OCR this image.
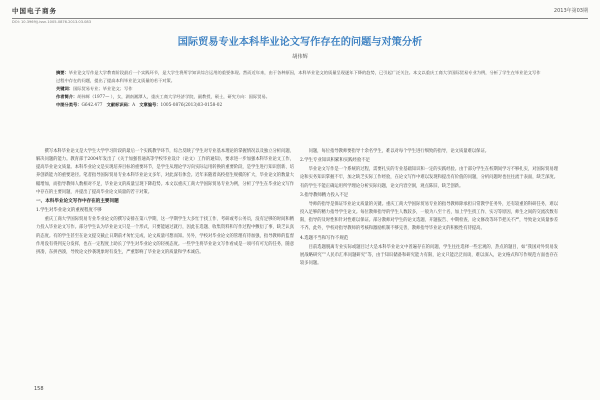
中国电子商务	2013年第03期
DOI: 10.3969/j.issn.1005-0876.2013.03.083
国际贸易专业本科毕业论文写作存在的问题与对策分析
胡伟辉

摘要：毕业论文写作是大学教育阶段最后一个实践环节，是大学生将所学知识综合运用的重要体现。然而近年来，由于各种原因，本科毕业论文的质量呈现逐年下降的趋势，已引起广泛关注。本文以重庆工商大学国际贸易专业为例，分析了学生在毕业论文写作过程中存在的问题，提出了提高本科毕业论文质量的若干对策。

关键词：国际贸易专业；毕业论文；写作

作者简介：胡伟辉（1977— ），女，湖南湘潭人，重庆工商大学经济学院，副教授，硕士，研究方向：国际贸易。

中图分类号：G642.477 文献标识码：A 文章编号：1005-0876(2013)03-0158-02

撰写本科毕业论文是大学生大学学习阶段的最后一个实践教学环节，综合反映了学生对专业基本理论的掌握情况以及独立分析问题、解决问题的能力。教育部于2004年发出了《关于加强普通高等学校毕业设计（论文）工作的通知》，要求进一步加强本科毕业论文工作，提高毕业论文质量。本科毕业论文是实现培养目标的重要环节，是学生从理论学习向实际运用转换的重要阶段，是学生进行知识创新、培养创新能力的重要途径。笔者指导国际贸易专业本科毕业论文多年，对此深有体会。近年来随着高校招生规模的扩大，毕业论文的数量大幅增加，而指导教师人数相对不足，毕业论文的质量呈现下降趋势。本文以重庆工商大学国际贸易专业为例，分析了学生在毕业论文写作中存在的主要问题，并提出了提高毕业论文质量的若干对策。

一、本科毕业论文写作中存在的主要问题
1.学生对毕业论文的重视程度不够

重庆工商大学国际贸易专业毕业论文的撰写安排在第八学期，这一学期学生大多忙于找工作、考研或考公务员，没有足够的时间和精力投入毕业论文写作。部分学生认为毕业论文只是一个形式，只要能通过就行，因此在选题、收集资料和写作过程中敷衍了事，缺乏认真的态度。有的学生甚至在论文提交截止日期前才匆忙完成，论文质量可想而知。另外，学校对毕业论文的管理有待加强，指导教师的监督作用没有得到充分发挥，也在一定程度上助长了学生对毕业论文的轻视态度。一些学生将毕业论文写作看成是一项可有可无的任务，随意拼凑，东拼西凑，导致论文抄袭现象时有发生，严重影响了毕业论文的质量和学术诚信。

问题，每位指导教师要指导十余名学生，难以对每个学生进行细致的指导，论文质量难以保证。

2.学生专业知识积累和实践经验不足

毕业论文写作是一个系统的过程，需要扎实的专业基础知识和一定的实践经验。由于部分学生在校期间学习不够扎实，对国际贸易理论和实务知识掌握不牢，加之缺乏实际工作经验，在论文写作中难以发现和提出有价值的问题，分析问题时也往往流于表面，缺乏深度。有的学生不能正确运用所学理论分析实际问题，论文内容空洞，观点陈旧，缺乏创新。

3.指导教师精力投入不足

导师的指导是保证毕业论文质量的关键。重庆工商大学国际贸易专业的指导教师除承担日常教学任务外，还有较重的科研任务，难以投入足够的精力指导学生论文。每位教师指导的学生人数较多，一般为八至十名，加上学生找工作、实习等原因，师生之间的交流次数有限，指导的及时性和针对性难以保证。部分教师对学生的论文选题、开题报告、中期检查、论文修改等环节把关不严，导致论文质量参差不齐。此外，学校对指导教师的考核和激励机制不够完善，教师指导毕业论文的积极性有待提高。

4.选题不当和写作不规范

目前选题脱离专业实际或题目过大是本科毕业论文中普遍存在的问题，学生往往选择一些宏观的、热点的题目，如“我国对外贸易发展战略研究”“人民币汇率问题研究”等，由于知识储备和研究能力有限，论文只能泛泛而谈，难以深入，论文格式和写作规范方面也存在较多问题。

158
